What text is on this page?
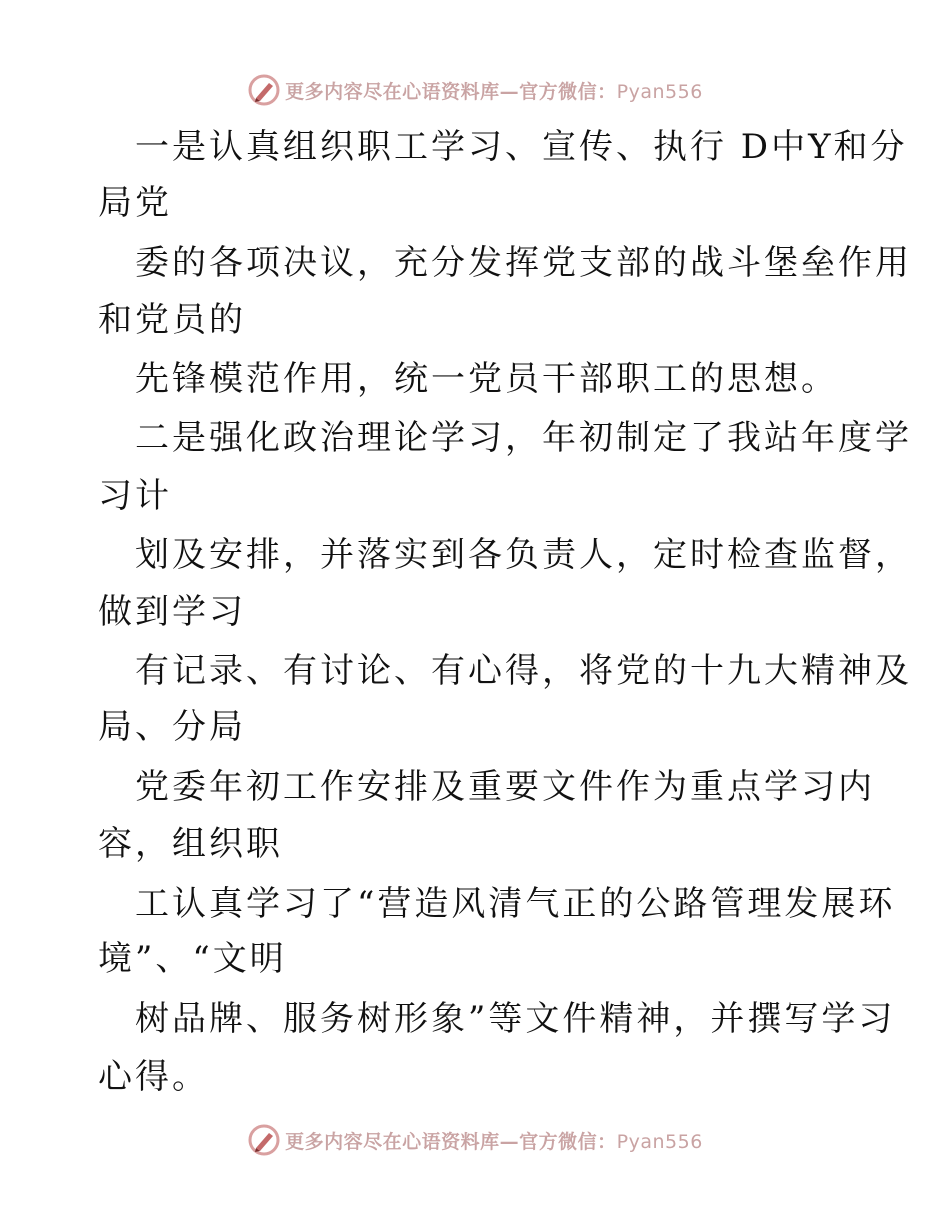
更多内容尽在心语资料库—官方微信：Pyan556
一是认真组织职工学习、宣传、执行 D中Y和分
局党
委的各项决议，充分发挥党支部的战斗堡垒作用
和党员的
先锋模范作用，统一党员干部职工的思想。
二是强化政治理论学习，年初制定了我站年度学
习计
划及安排，并落实到各负责人，定时检查监督，
做到学习
有记录、有讨论、有心得，将党的十九大精神及
局、分局
党委年初工作安排及重要文件作为重点学习内
容，组织职
工认真学习了“营造风清气正的公路管理发展环
境”、“文明
树品牌、服务树形象”等文件精神，并撰写学习
心得。
更多内容尽在心语资料库—官方微信：Pyan556
